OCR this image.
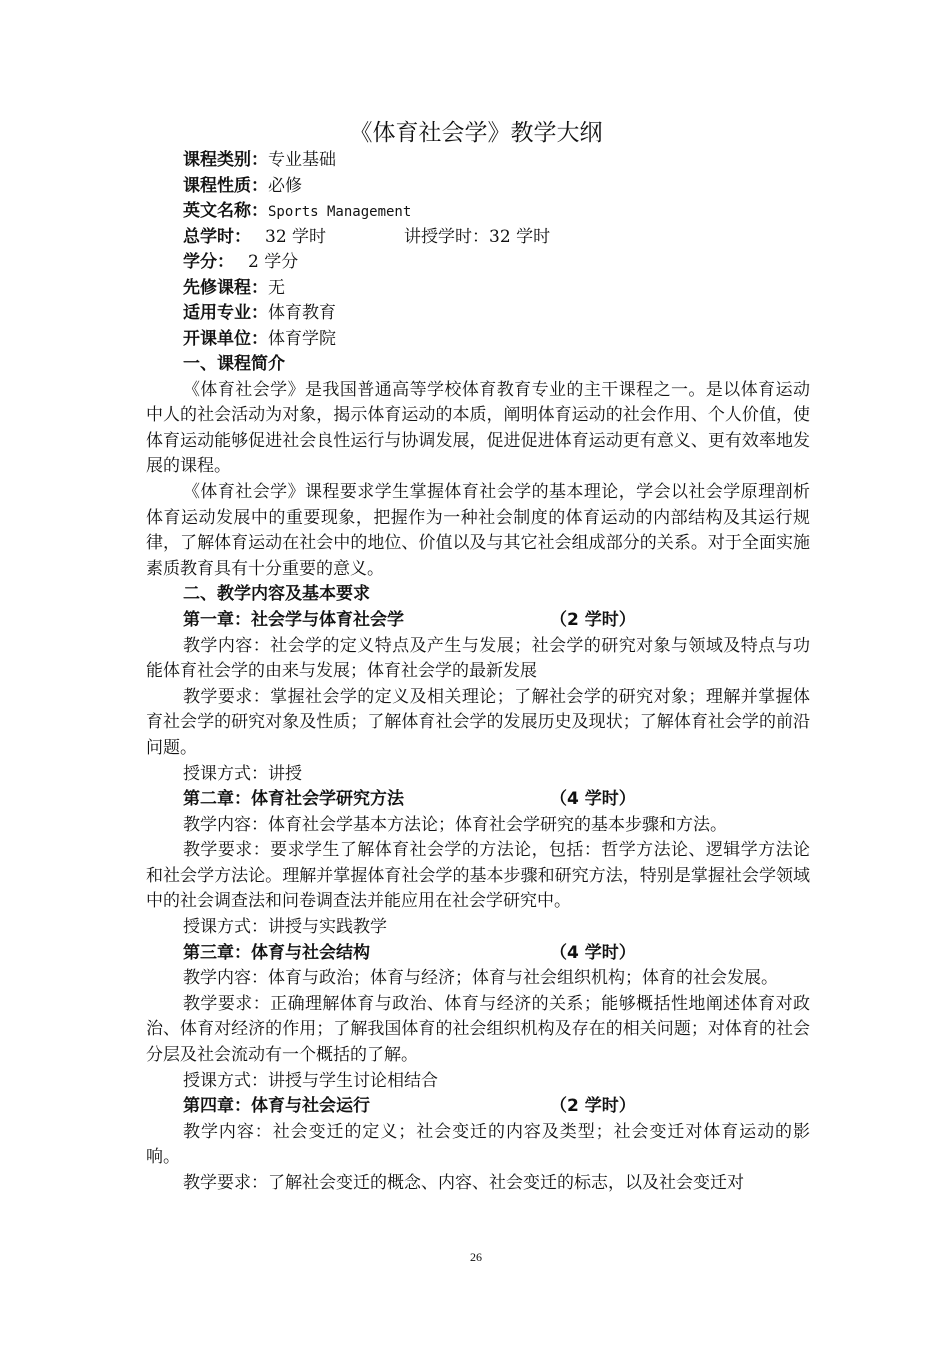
《体育社会学》教学大纲
课程类别：专业基础
课程性质：必修
英文名称：Sports Management
总学时： 32 学时	讲授学时：32 学时
学分： 2 学分
先修课程：无
适用专业：体育教育
开课单位：体育学院
一、课程简介

《体育社会学》是我国普通高等学校体育教育专业的主干课程之一。是以体育运动中人的社会活动为对象，揭示体育运动的本质，阐明体育运动的社会作用、个人价值，使体育运动能够促进社会良性运行与协调发展，促进促进体育运动更有意义、更有效率地发展的课程。

《体育社会学》课程要求学生掌握体育社会学的基本理论，学会以社会学原理剖析体育运动发展中的重要现象，把握作为一种社会制度的体育运动的内部结构及其运行规律，了解体育运动在社会中的地位、价值以及与其它社会组成部分的关系。对于全面实施素质教育具有十分重要的意义。

二、教学内容及基本要求
第一章：社会学与体育社会学	（2 学时）

教学内容：社会学的定义特点及产生与发展；社会学的研究对象与领域及特点与功能体育社会学的由来与发展；体育社会学的最新发展

教学要求：掌握社会学的定义及相关理论；了解社会学的研究对象；理解并掌握体育社会学的研究对象及性质；了解体育社会学的发展历史及现状；了解体育社会学的前沿问题。

授课方式：讲授

第二章：体育社会学研究方法	（4 学时）

教学内容：体育社会学基本方法论；体育社会学研究的基本步骤和方法。

教学要求：要求学生了解体育社会学的方法论，包括：哲学方法论、逻辑学方法论和社会学方法论。理解并掌握体育社会学的基本步骤和研究方法，特别是掌握社会学领域中的社会调查法和问卷调查法并能应用在社会学研究中。

授课方式：讲授与实践教学

第三章：体育与社会结构	（4 学时）

教学内容：体育与政治；体育与经济；体育与社会组织机构；体育的社会发展。

教学要求：正确理解体育与政治、体育与经济的关系；能够概括性地阐述体育对政治、体育对经济的作用；了解我国体育的社会组织机构及存在的相关问题；对体育的社会分层及社会流动有一个概括的了解。

授课方式：讲授与学生讨论相结合

第四章：体育与社会运行	（2 学时）

教学内容：社会变迁的定义；社会变迁的内容及类型；社会变迁对体育运动的影响。

教学要求：了解社会变迁的概念、内容、社会变迁的标志，以及社会变迁对

26
